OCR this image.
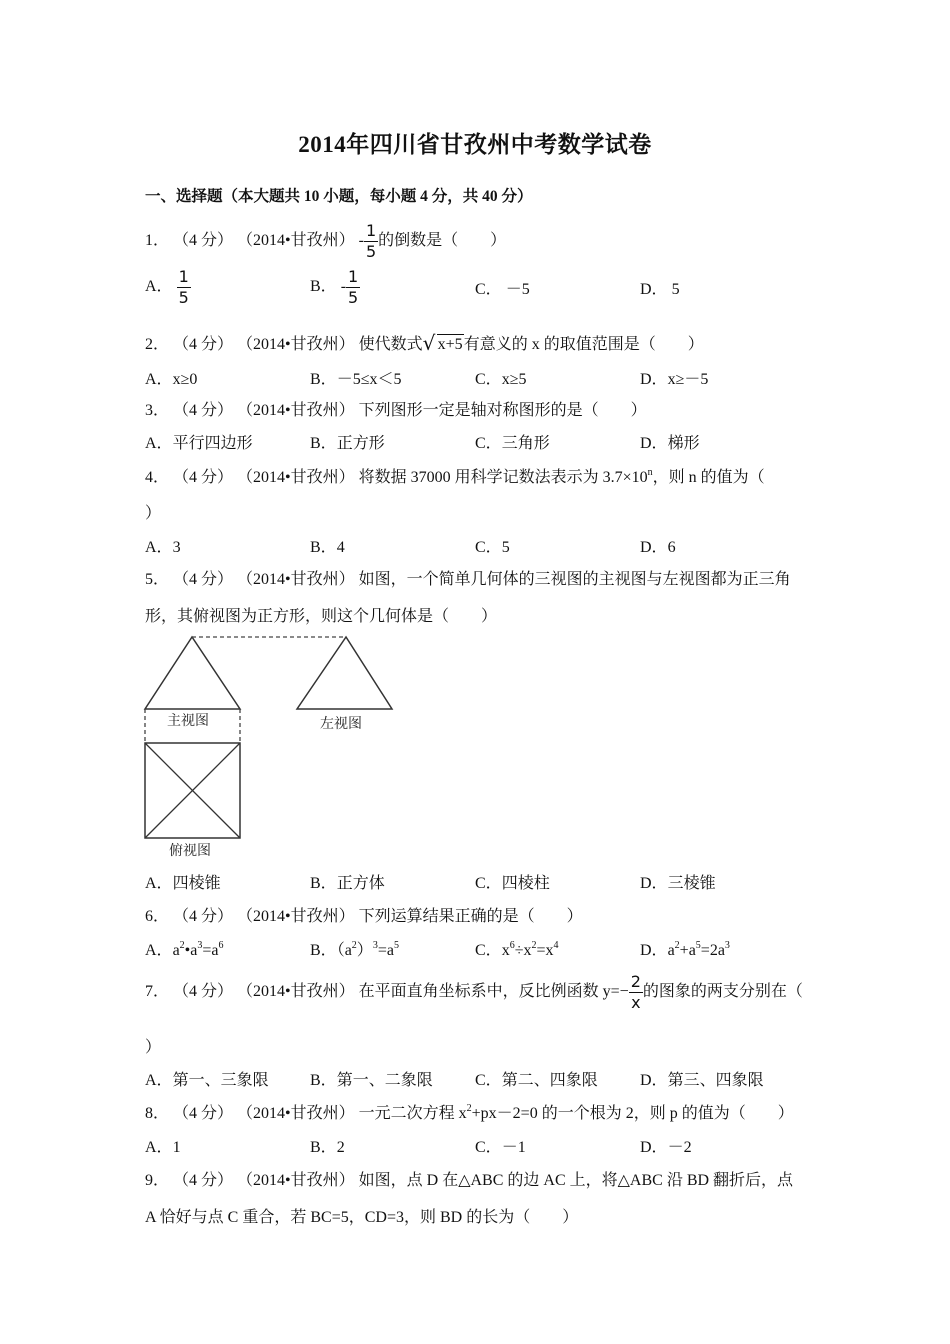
2014年四川省甘孜州中考数学试卷
一、选择题（本大题共 10 小题，每小题 4 分，共 40 分）
1． （4 分） （2014•甘孜州） - $\frac{1}{5}$ 的倒数是（　　）
A． $\frac{1}{5}$	B． - $\frac{1}{5}$	C． －5	D． 5
2． （4 分） （2014•甘孜州） 使代数式 √ x+5有意义的 x 的取值范围是（　　）
A．x≥0	B．－5≤x＜5	C．x≥5	D．x≥－5
3． （4 分） （2014•甘孜州） 下列图形一定是轴对称图形的是（　　）
A．平行四边形	B．正方形	C．三角形	D．梯形
4． （4 分） （2014•甘孜州） 将数据 37000 用科学记数法表示为 $3.7\times 10^n$，则 n 的值为（
）
A．3	B．4	C．5	D．6
5． （4 分） （2014•甘孜州） 如图，一个简单几何体的三视图的主视图与左视图都为正三角
形，其俯视图为正方形，则这个几何体是（　　）
主视图	左视图
俯视图
A．四棱锥	B．正方体	C．四棱柱	D．三棱锥
6． （4 分） （2014•甘孜州） 下列运算结果正确的是（　　）
A．$a^2•a^3=a^6$	B．$(a^2)^3=a^5$	C．$x^6\div x^2=x^4$	D．$a^2+a^5=2a^3$
7． （4 分） （2014•甘孜州） 在平面直角坐标系中，反比例函数 $y=- \frac{2}{x}$ 的图象的两支分别在（
）
A．第一、三象限	B．第一、二象限	C．第二、四象限	D．第三、四象限
8． （4 分） （2014•甘孜州） 一元二次方程 $x^2+px-2=0$ 的一个根为 2，则 p 的值为（　　）
A．1	B．2	C．－1	D．－2
9． （4 分） （2014•甘孜州） 如图，点 D 在△ABC 的边 AC 上，将△ABC 沿 BD 翻折后，点
A 恰好与点 C 重合，若 BC=5，CD=3，则 BD 的长为（　　）
